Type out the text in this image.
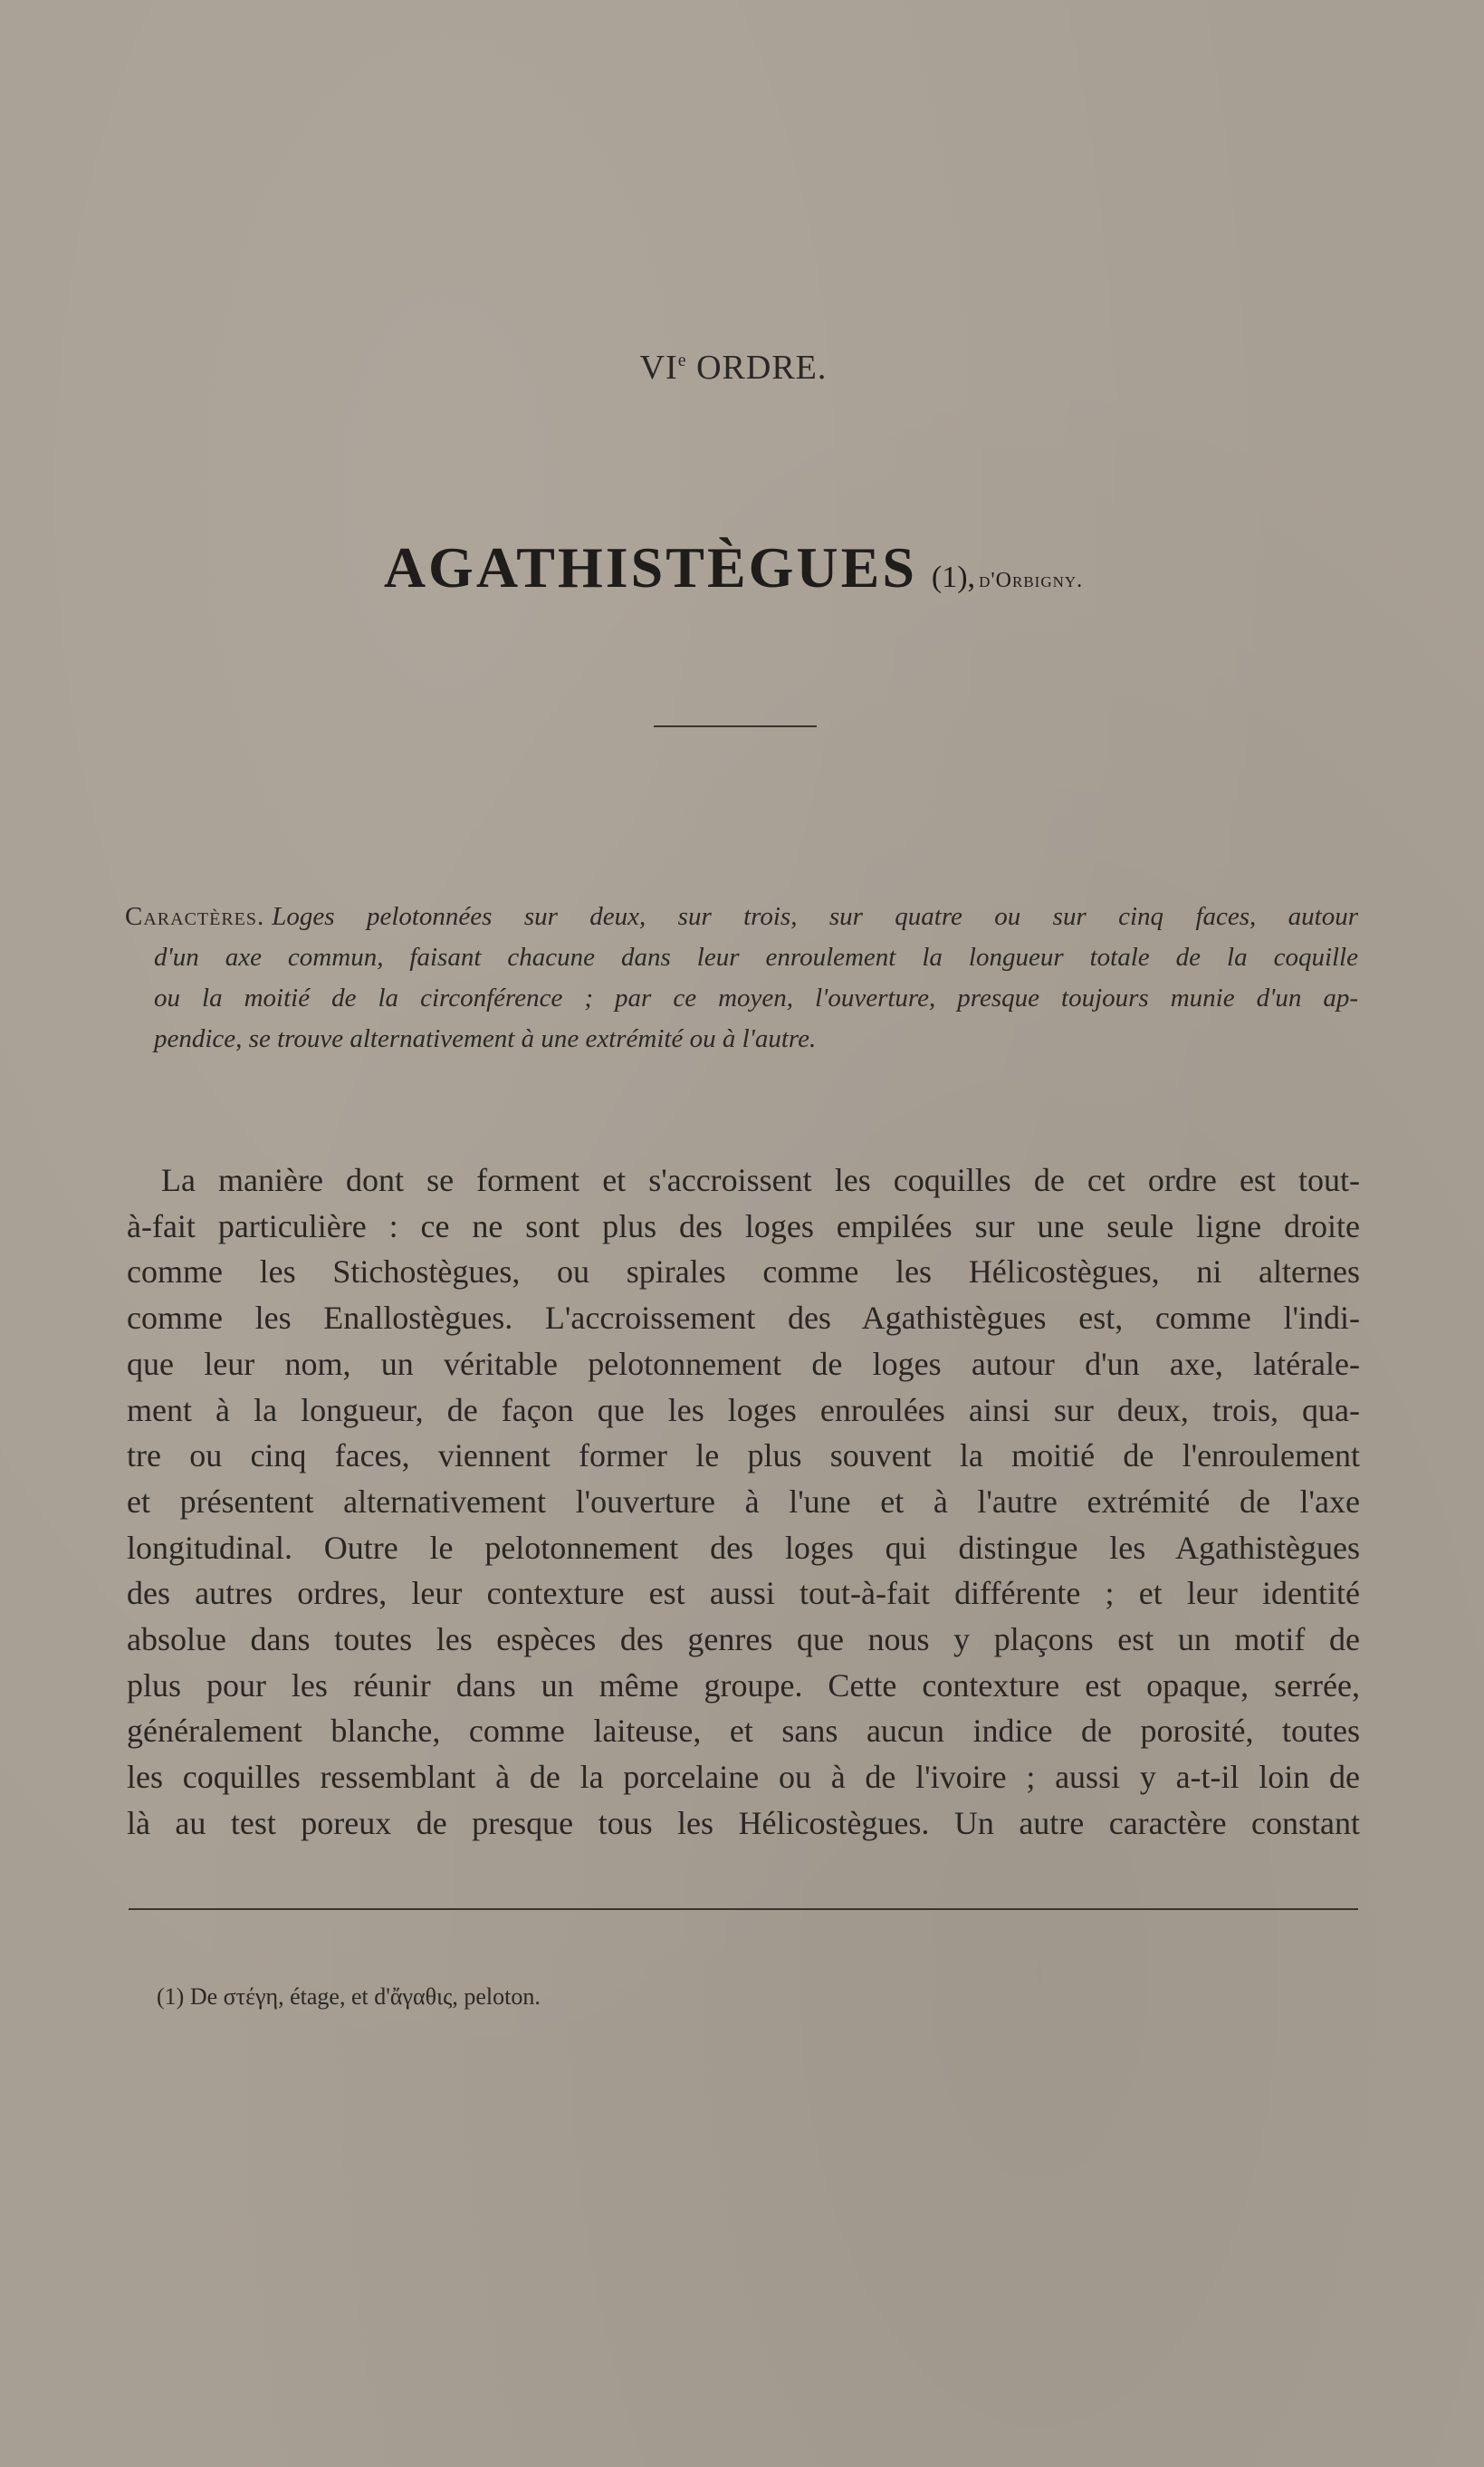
VIe ORDRE.
AGATHISTÈGUES (1), d'Orbigny.
Caractères. Loges pelotonnées sur deux, sur trois, sur quatre ou sur cinq faces, autour
d'un axe commun, faisant chacune dans leur enroulement la longueur totale de la coquille
ou la moitié de la circonférence ; par ce moyen, l'ouverture, presque toujours munie d'un ap-
pendice, se trouve alternativement à une extrémité ou à l'autre.
La manière dont se forment et s'accroissent les coquilles de cet ordre est tout-
à-fait particulière : ce ne sont plus des loges empilées sur une seule ligne droite
comme les Stichostègues, ou spirales comme les Hélicostègues, ni alternes
comme les Enallostègues. L'accroissement des Agathistègues est, comme l'indi-
que leur nom, un véritable pelotonnement de loges autour d'un axe, latérale-
ment à la longueur, de façon que les loges enroulées ainsi sur deux, trois, qua-
tre ou cinq faces, viennent former le plus souvent la moitié de l'enroulement
et présentent alternativement l'ouverture à l'une et à l'autre extrémité de l'axe
longitudinal. Outre le pelotonnement des loges qui distingue les Agathistègues
des autres ordres, leur contexture est aussi tout-à-fait différente ; et leur identité
absolue dans toutes les espèces des genres que nous y plaçons est un motif de
plus pour les réunir dans un même groupe. Cette contexture est opaque, serrée,
généralement blanche, comme laiteuse, et sans aucun indice de porosité, toutes
les coquilles ressemblant à de la porcelaine ou à de l'ivoire ; aussi y a-t-il loin de
là au test poreux de presque tous les Hélicostègues. Un autre caractère constant
(1) De στέγη, étage, et d'ἄγαθις, peloton.
